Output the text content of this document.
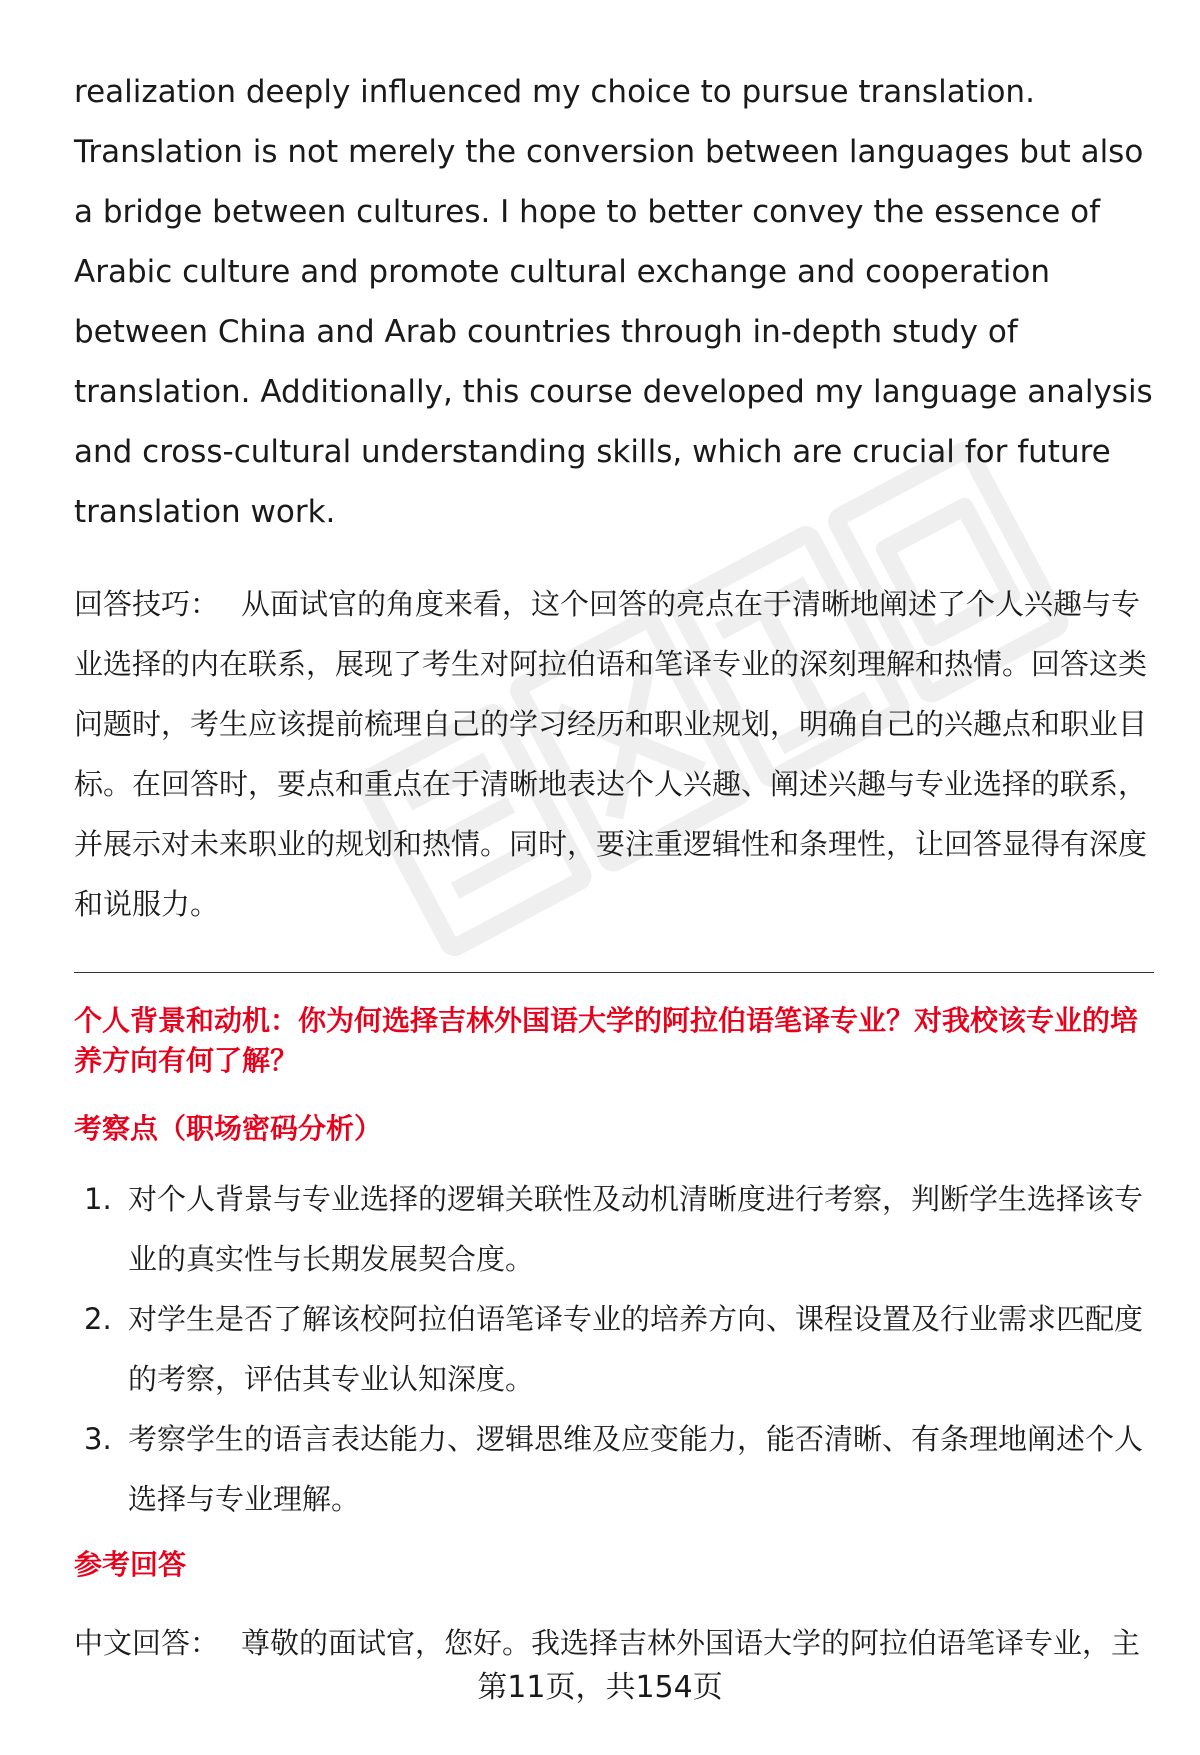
realization deeply influenced my choice to pursue translation. Translation is not merely the conversion between languages but also a bridge between cultures. I hope to better convey the essence of Arabic culture and promote cultural exchange and cooperation between China and Arab countries through in-depth study of translation. Additionally, this course developed my language analysis and cross-cultural understanding skills, which are crucial for future translation work.

回答技巧： 从面试官的角度来看，这个回答的亮点在于清晰地阐述了个人兴趣与专业选择的内在联系，展现了考生对阿拉伯语和笔译专业的深刻理解和热情。回答这类问题时，考生应该提前梳理自己的学习经历和职业规划，明确自己的兴趣点和职业目标。在回答时，要点和重点在于清晰地表达个人兴趣、阐述兴趣与专业选择的联系，并展示对未来职业的规划和热情。同时，要注重逻辑性和条理性，让回答显得有深度和说服力。

个人背景和动机：你为何选择吉林外国语大学的阿拉伯语笔译专业？对我校该专业的培养方向有何了解？
考察点（职场密码分析）
1. 对个人背景与专业选择的逻辑关联性及动机清晰度进行考察，判断学生选择该专业的真实性与长期发展契合度。
2. 对学生是否了解该校阿拉伯语笔译专业的培养方向、课程设置及行业需求匹配度的考察，评估其专业认知深度。
3. 考察学生的语言表达能力、逻辑思维及应变能力，能否清晰、有条理地阐述个人选择与专业理解。
参考回答

中文回答： 尊敬的面试官，您好。我选择吉林外国语大学的阿拉伯语笔译专业，主

第11页，共154页
